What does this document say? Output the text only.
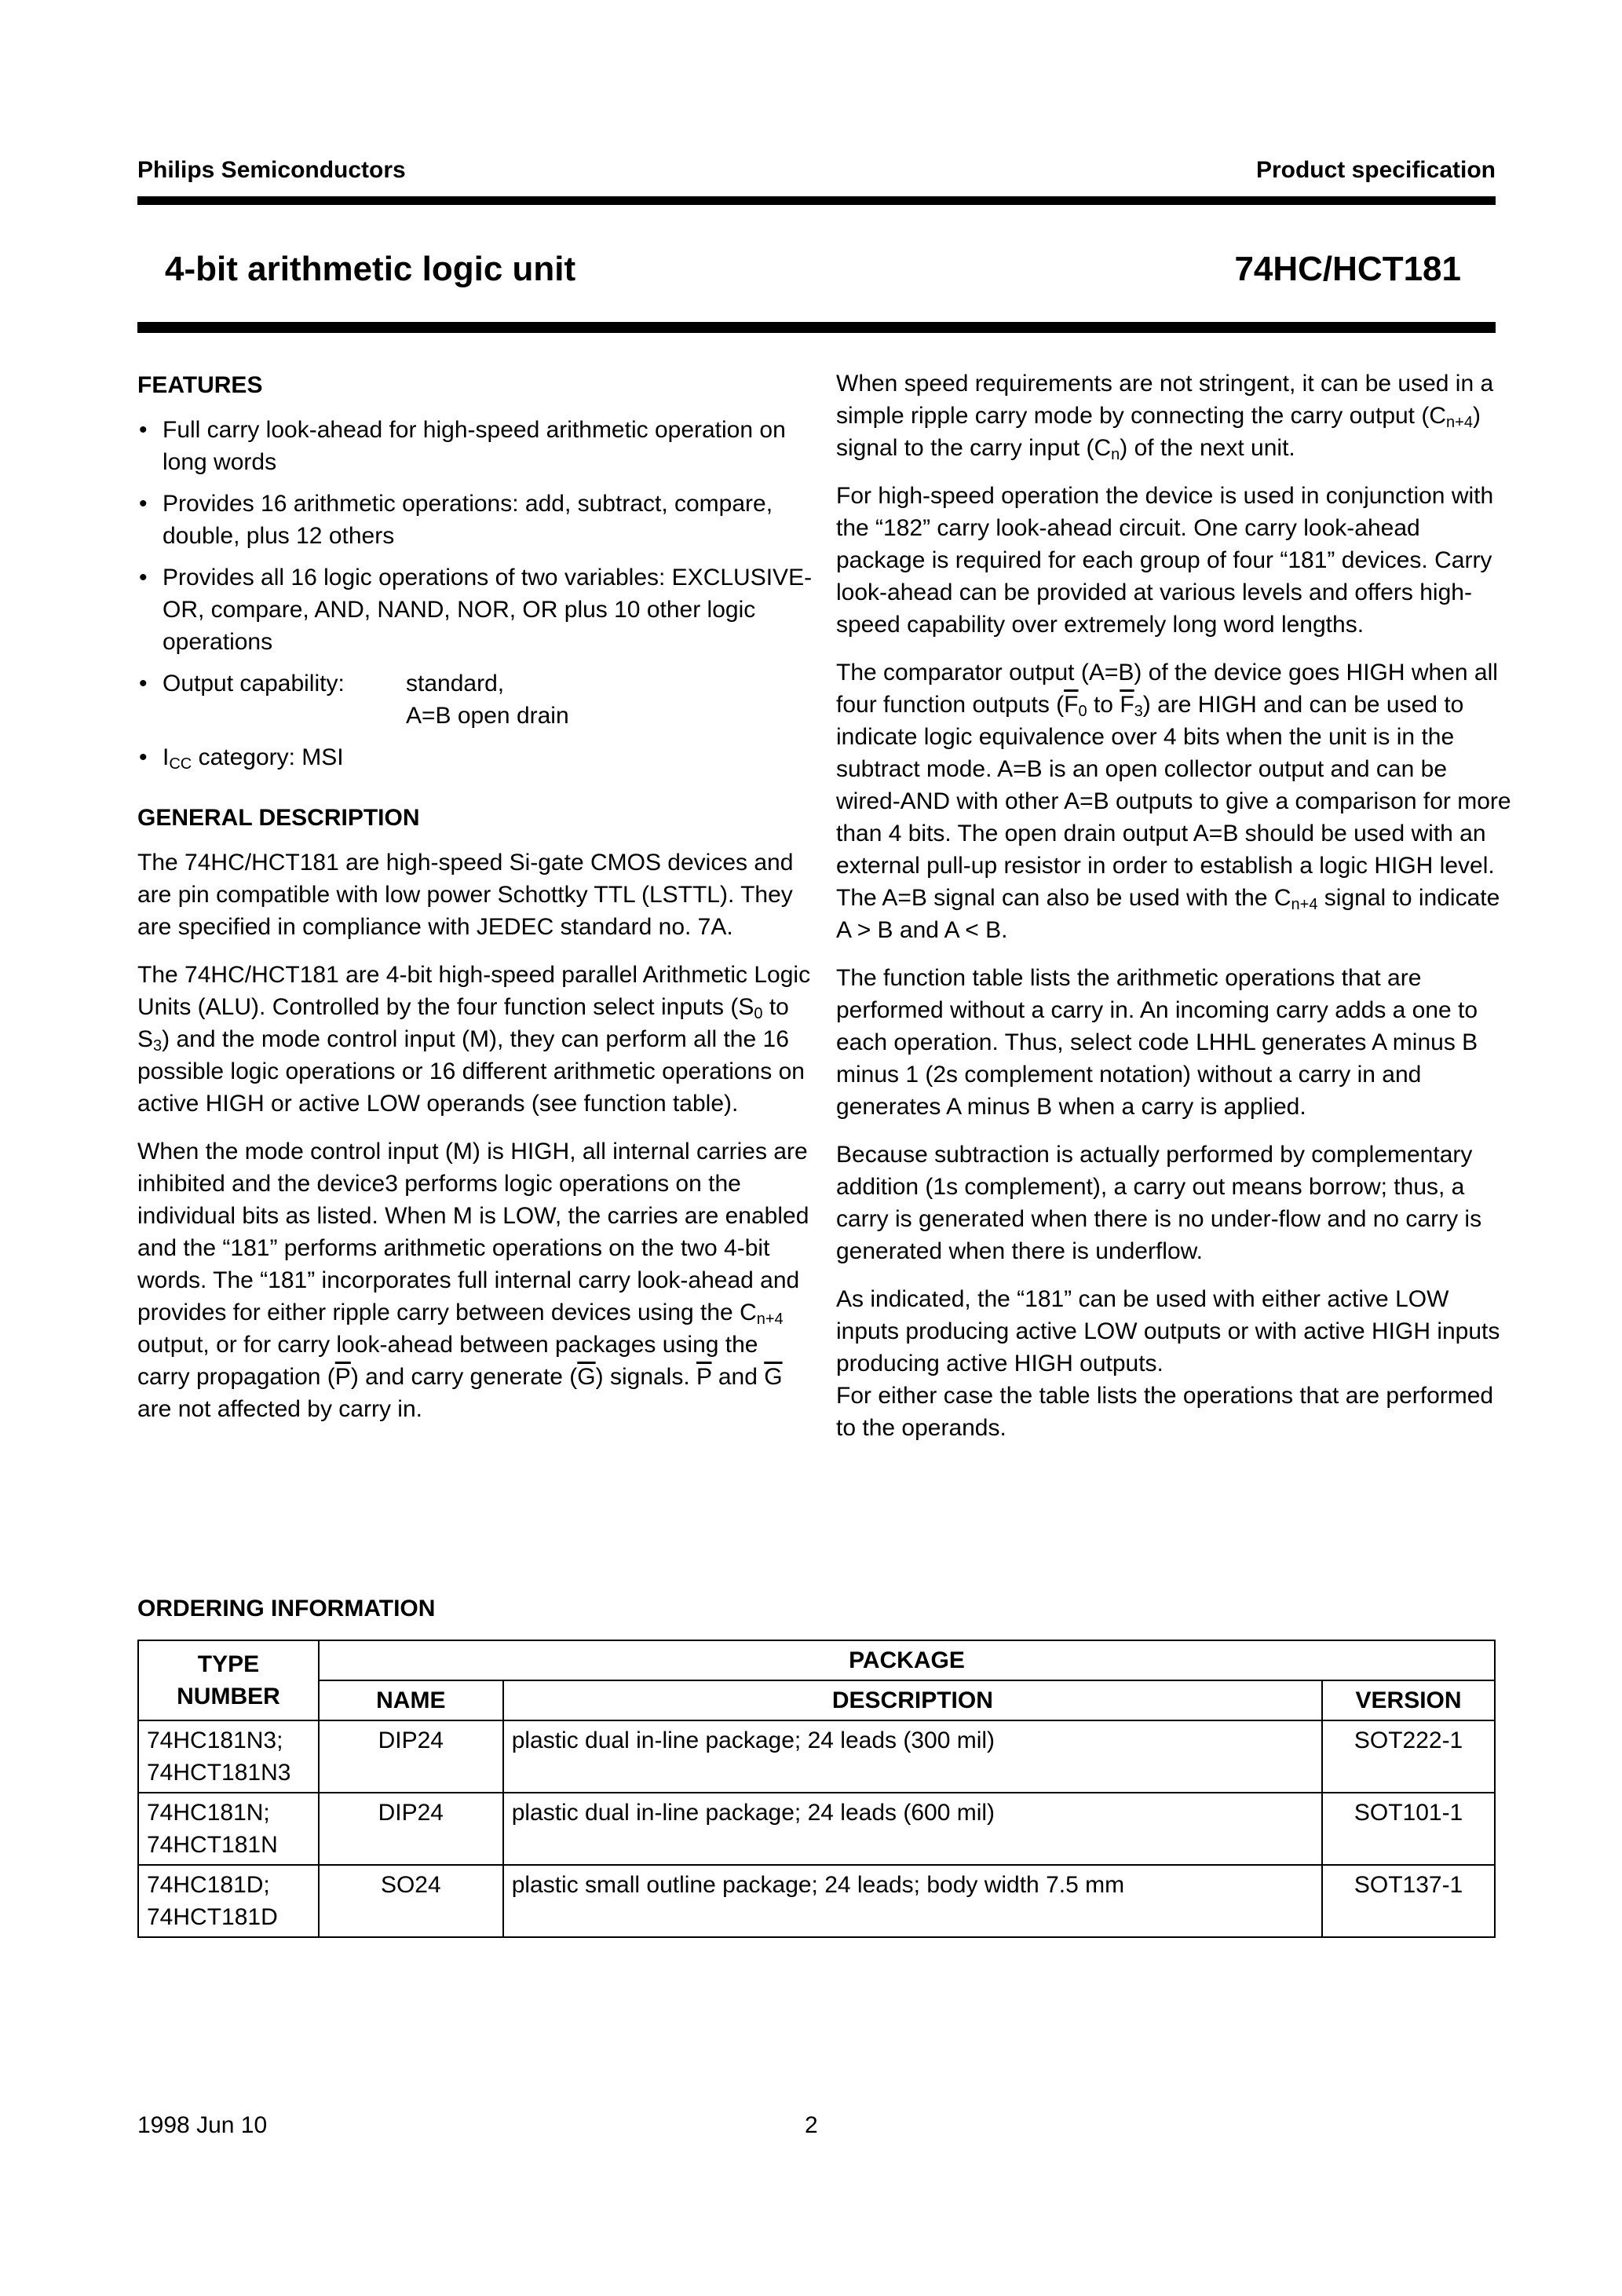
Philips Semiconductors	Product specification
4-bit arithmetic logic unit	74HC/HCT181
FEATURES
• Full carry look-ahead for high-speed arithmetic operation on long words
• Provides 16 arithmetic operations: add, subtract, compare, double, plus 12 others
• Provides all 16 logic operations of two variables: EXCLUSIVE-OR, compare, AND, NAND, NOR, OR plus 10 other logic operations
• Output capability:	standard,
A=B open drain
• $I_{CC}$ category: MSI
GENERAL DESCRIPTION

The 74HC/HCT181 are high-speed Si-gate CMOS devices and are pin compatible with low power Schottky TTL (LSTTL). They are specified in compliance with JEDEC standard no. 7A.

The 74HC/HCT181 are 4-bit high-speed parallel Arithmetic Logic Units (ALU). Controlled by the four function select inputs ($S_0$ to $S_3$) and the mode control input (M), they can perform all the 16 possible logic operations or 16 different arithmetic operations on active HIGH or active LOW operands (see function table).

When the mode control input (M) is HIGH, all internal carries are inhibited and the device3 performs logic operations on the individual bits as listed. When M is LOW, the carries are enabled and the “181” performs arithmetic operations on the two 4-bit words. The “181” incorporates full internal carry look-ahead and provides for either ripple carry between devices using the $C_{n+4}$ output, or for carry look-ahead between packages using the carry propagation $(\overline{P})$ and carry generate $(\overline{G})$ signals. $\overline{P}$ and $\overline{G}$ are not affected by carry in.

When speed requirements are not stringent, it can be used in a simple ripple carry mode by connecting the carry output $(C_{n+4})$ signal to the carry input $(C_n)$ of the next unit.

For high-speed operation the device is used in conjunction with the “182” carry look-ahead circuit. One carry look-ahead package is required for each group of four “181” devices. Carry look-ahead can be provided at various levels and offers high-speed capability over extremely long word lengths.

The comparator output (A=B) of the device goes HIGH when all four function outputs ($\overline{F}_0$ to $\overline{F}_3$) are HIGH and can be used to indicate logic equivalence over 4 bits when the unit is in the subtract mode. A=B is an open collector output and can be wired-AND with other A=B outputs to give a comparison for more than 4 bits. The open drain output A=B should be used with an external pull-up resistor in order to establish a logic HIGH level. The A=B signal can also be used with the $C_{n+4}$ signal to indicate A > B and A < B.

The function table lists the arithmetic operations that are performed without a carry in. An incoming carry adds a one to each operation. Thus, select code LHHL generates A minus B minus 1 (2s complement notation) without a carry in and generates A minus B when a carry is applied.

Because subtraction is actually performed by complementary addition (1s complement), a carry out means borrow; thus, a carry is generated when there is no under-flow and no carry is generated when there is underflow.

As indicated, the “181” can be used with either active LOW inputs producing active LOW outputs or with active HIGH inputs producing active HIGH outputs.

For either case the table lists the operations that are performed to the operands.

ORDERING INFORMATION
TYPE NUMBER	PACKAGE		
	NAME	DESCRIPTION	VERSION
74HC181N3;
74HCT181N3	DIP24	plastic dual in-line package; 24 leads (300 mil)	SOT222-1
74HC181N;
74HCT181N	DIP24	plastic dual in-line package; 24 leads (600 mil)	SOT101-1
74HC181D;
74HCT181D	SO24	plastic small outline package; 24 leads; body width 7.5 mm	SOT137-1
1998 Jun 10	2
